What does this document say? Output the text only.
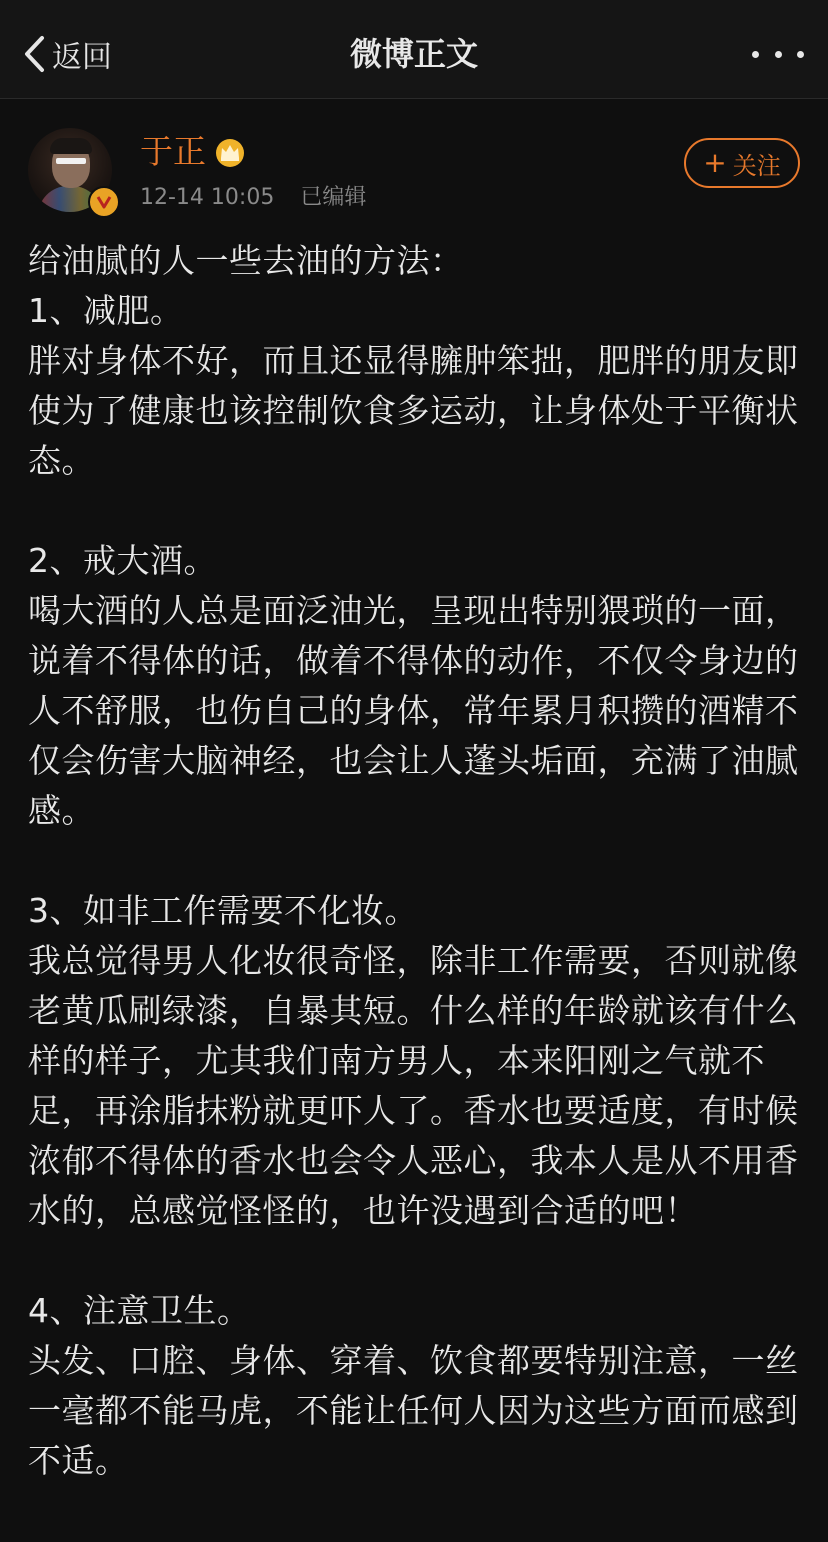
返回	微博正文
于正
12-14 10:05 已编辑
+ 关注

给油腻的人一些去油的方法：

1、减肥。

胖对身体不好，而且还显得臃肿笨拙，肥胖的朋友即使为了健康也该控制饮食多运动，让身体处于平衡状态。

2、戒大酒。

喝大酒的人总是面泛油光，呈现出特别猥琐的一面，说着不得体的话，做着不得体的动作，不仅令身边的人不舒服，也伤自己的身体，常年累月积攒的酒精不仅会伤害大脑神经，也会让人蓬头垢面，充满了油腻感。

3、如非工作需要不化妆。

我总觉得男人化妆很奇怪，除非工作需要，否则就像老黄瓜刷绿漆，自暴其短。什么样的年龄就该有什么样的样子，尤其我们南方男人，本来阳刚之气就不足，再涂脂抹粉就更吓人了。香水也要适度，有时候浓郁不得体的香水也会令人恶心，我本人是从不用香水的，总感觉怪怪的，也许没遇到合适的吧！

4、注意卫生。

头发、口腔、身体、穿着、饮食都要特别注意，一丝一毫都不能马虎，不能让任何人因为这些方面而感到不适。
